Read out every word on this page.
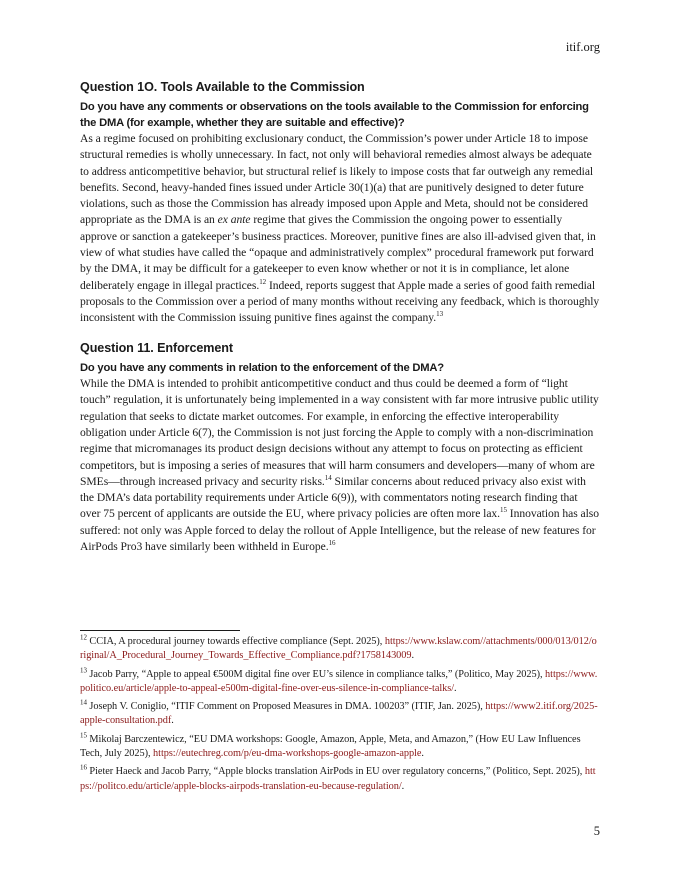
itif.org
Question 1O. Tools Available to the Commission
Do you have any comments or observations on the tools available to the Commission for enforcing the DMA (for example, whether they are suitable and effective)?

As a regime focused on prohibiting exclusionary conduct, the Commission’s power under Article 18 to impose structural remedies is wholly unnecessary. In fact, not only will behavioral remedies almost always be adequate to address anticompetitive behavior, but structural relief is likely to impose costs that far outweigh any remedial benefits. Second, heavy-handed fines issued under Article 30(1)(a) that are punitively designed to deter future violations, such as those the Commission has already imposed upon Apple and Meta, should not be considered appropriate as the DMA is an ex ante regime that gives the Commission the ongoing power to essentially approve or sanction a gatekeeper’s business practices. Moreover, punitive fines are also ill-advised given that, in view of what studies have called the “opaque and administratively complex” procedural framework put forward by the DMA, it may be difficult for a gatekeeper to even know whether or not it is in compliance, let alone deliberately engage in illegal practices.$^{12}$ Indeed, reports suggest that Apple made a series of good faith remedial proposals to the Commission over a period of many months without receiving any feedback, which is thoroughly inconsistent with the Commission issuing punitive fines against the company.$^{13}$

Question 11. Enforcement
Do you have any comments in relation to the enforcement of the DMA?

While the DMA is intended to prohibit anticompetitive conduct and thus could be deemed a form of “light touch” regulation, it is unfortunately being implemented in a way consistent with far more intrusive public utility regulation that seeks to dictate market outcomes. For example, in enforcing the effective interoperability obligation under Article 6(7), the Commission is not just forcing the Apple to comply with a non-discrimination regime that micromanages its product design decisions without any attempt to focus on protecting as efficient competitors, but is imposing a series of measures that will harm consumers and developers—many of whom are SMEs—through increased privacy and security risks.$^{14}$ Similar concerns about reduced privacy also exist with the DMA’s data portability requirements under Article 6(9)), with commentators noting research finding that over 75 percent of applicants are outside the EU, where privacy policies are often more lax.$^{15}$ Innovation has also suffered: not only was Apple forced to delay the rollout of Apple Intelligence, but the release of new features for AirPods Pro3 have similarly been withheld in Europe.$^{16}$

$^{12}$ CCIA, A procedural journey towards effective compliance (Sept. 2025), https://www.kslaw.com//attachments/000/013/012/original/A_Procedural_Journey_Towards_Effective_Compliance.pdf?1758143009.

$^{13}$ Jacob Parry, “Apple to appeal €500M digital fine over EU’s silence in compliance talks,” (Politico, May 2025), https://www.politico.eu/article/apple-to-appeal-e500m-digital-fine-over-eus-silence-in-compliance-talks/.

$^{14}$ Joseph V. Coniglio, “ITIF Comment on Proposed Measures in DMA. 100203” (ITIF, Jan. 2025), https://www2.itif.org/2025-apple-consultation.pdf.

$^{15}$ Mikolaj Barczentewicz, “EU DMA workshops: Google, Amazon, Apple, Meta, and Amazon,” (How EU Law Influences Tech, July 2025), https://eutechreg.com/p/eu-dma-workshops-google-amazon-apple.

$^{16}$ Pieter Haeck and Jacob Parry, “Apple blocks translation AirPods in EU over regulatory concerns,” (Politico, Sept. 2025), https://politco.edu/article/apple-blocks-airpods-translation-eu-because-regulation/.

5
